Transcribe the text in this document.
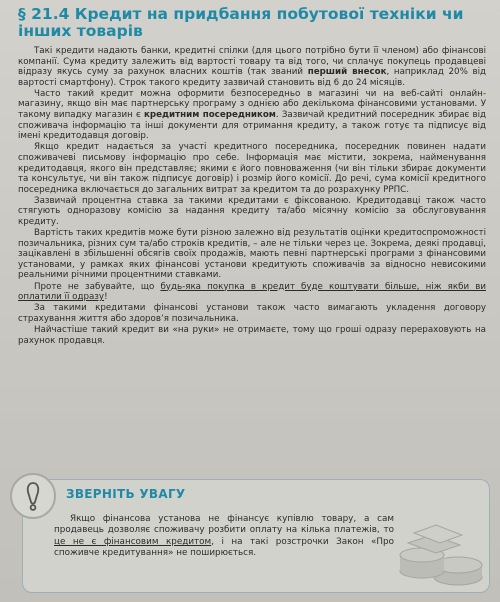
§ 21.4 Кредит на придбання побутової техніки чи інших товарів

Такі кредити надають банки, кредитні спілки (для цього потрібно бути її членом) або фінансові компанії. Сума кредиту залежить від вартості товару та від того, чи сплачує покупець продавцеві відразу якусь суму за рахунок власних коштів (так званий перший внесок, наприклад 20% від вартості смартфону). Строк такого кредиту зазвичай становить від 6 до 24 місяців.

Часто такий кредит можна оформити безпосередньо в магазині чи на веб-сайті онлайн-магазину, якщо він має партнерську програму з однією або декількома фінансовими установами. У такому випадку магазин є кредитним посередником. Зазвичай кредитний посередник збирає від споживача інформацію та інші документи для отримання кредиту, а також готує та підписує від імені кредитодавця договір.

Якщо кредит надається за участі кредитного посередника, посередник повинен надати споживачеві письмову інформацію про себе. Інформація має містити, зокрема, найменування кредитодавця, якого він представляє; якими є його повноваження (чи він тільки збирає документи та консультує, чи він також підписує договір) і розмір його комісії. До речі, сума комісії кредитного посередника включається до загальних витрат за кредитом та до розрахунку РРПС.

Зазвичай процентна ставка за такими кредитами є фіксованою. Кредитодавці також часто стягують одноразову комісію за надання кредиту та/або місячну комісію за обслуговування кредиту.

Вартість таких кредитів може бути різною залежно від результатів оцінки кредитоспроможності позичальника, різних сум та/або строків кредитів, – але не тільки через це. Зокрема, деякі продавці, зацікавлені в збільшенні обсягів своїх продажів, мають певні партнерські програми з фінансовими установами, у рамках яких фінансові установи кредитують споживачів за відносно невисокими реальними річними процентними ставками.

Проте не забувайте, що будь-яка покупка в кредит буде коштувати більше, ніж якби ви оплатили її одразу!

За такими кредитами фінансові установи також часто вимагають укладення договору страхування життя або здоров’я позичальника.

Найчастіше такий кредит ви «на руки» не отримаєте, тому що гроші одразу перераховують на рахунок продавця.

ЗВЕРНІТЬ УВАГУ

Якщо фінансова установа не фінансує купівлю товару, а сам продавець дозволяє споживачу розбити оплату на кілька платежів, то це не є фінансовим кредитом, і на такі розстрочки Закон «Про споживче кредитування» не поширюється.
